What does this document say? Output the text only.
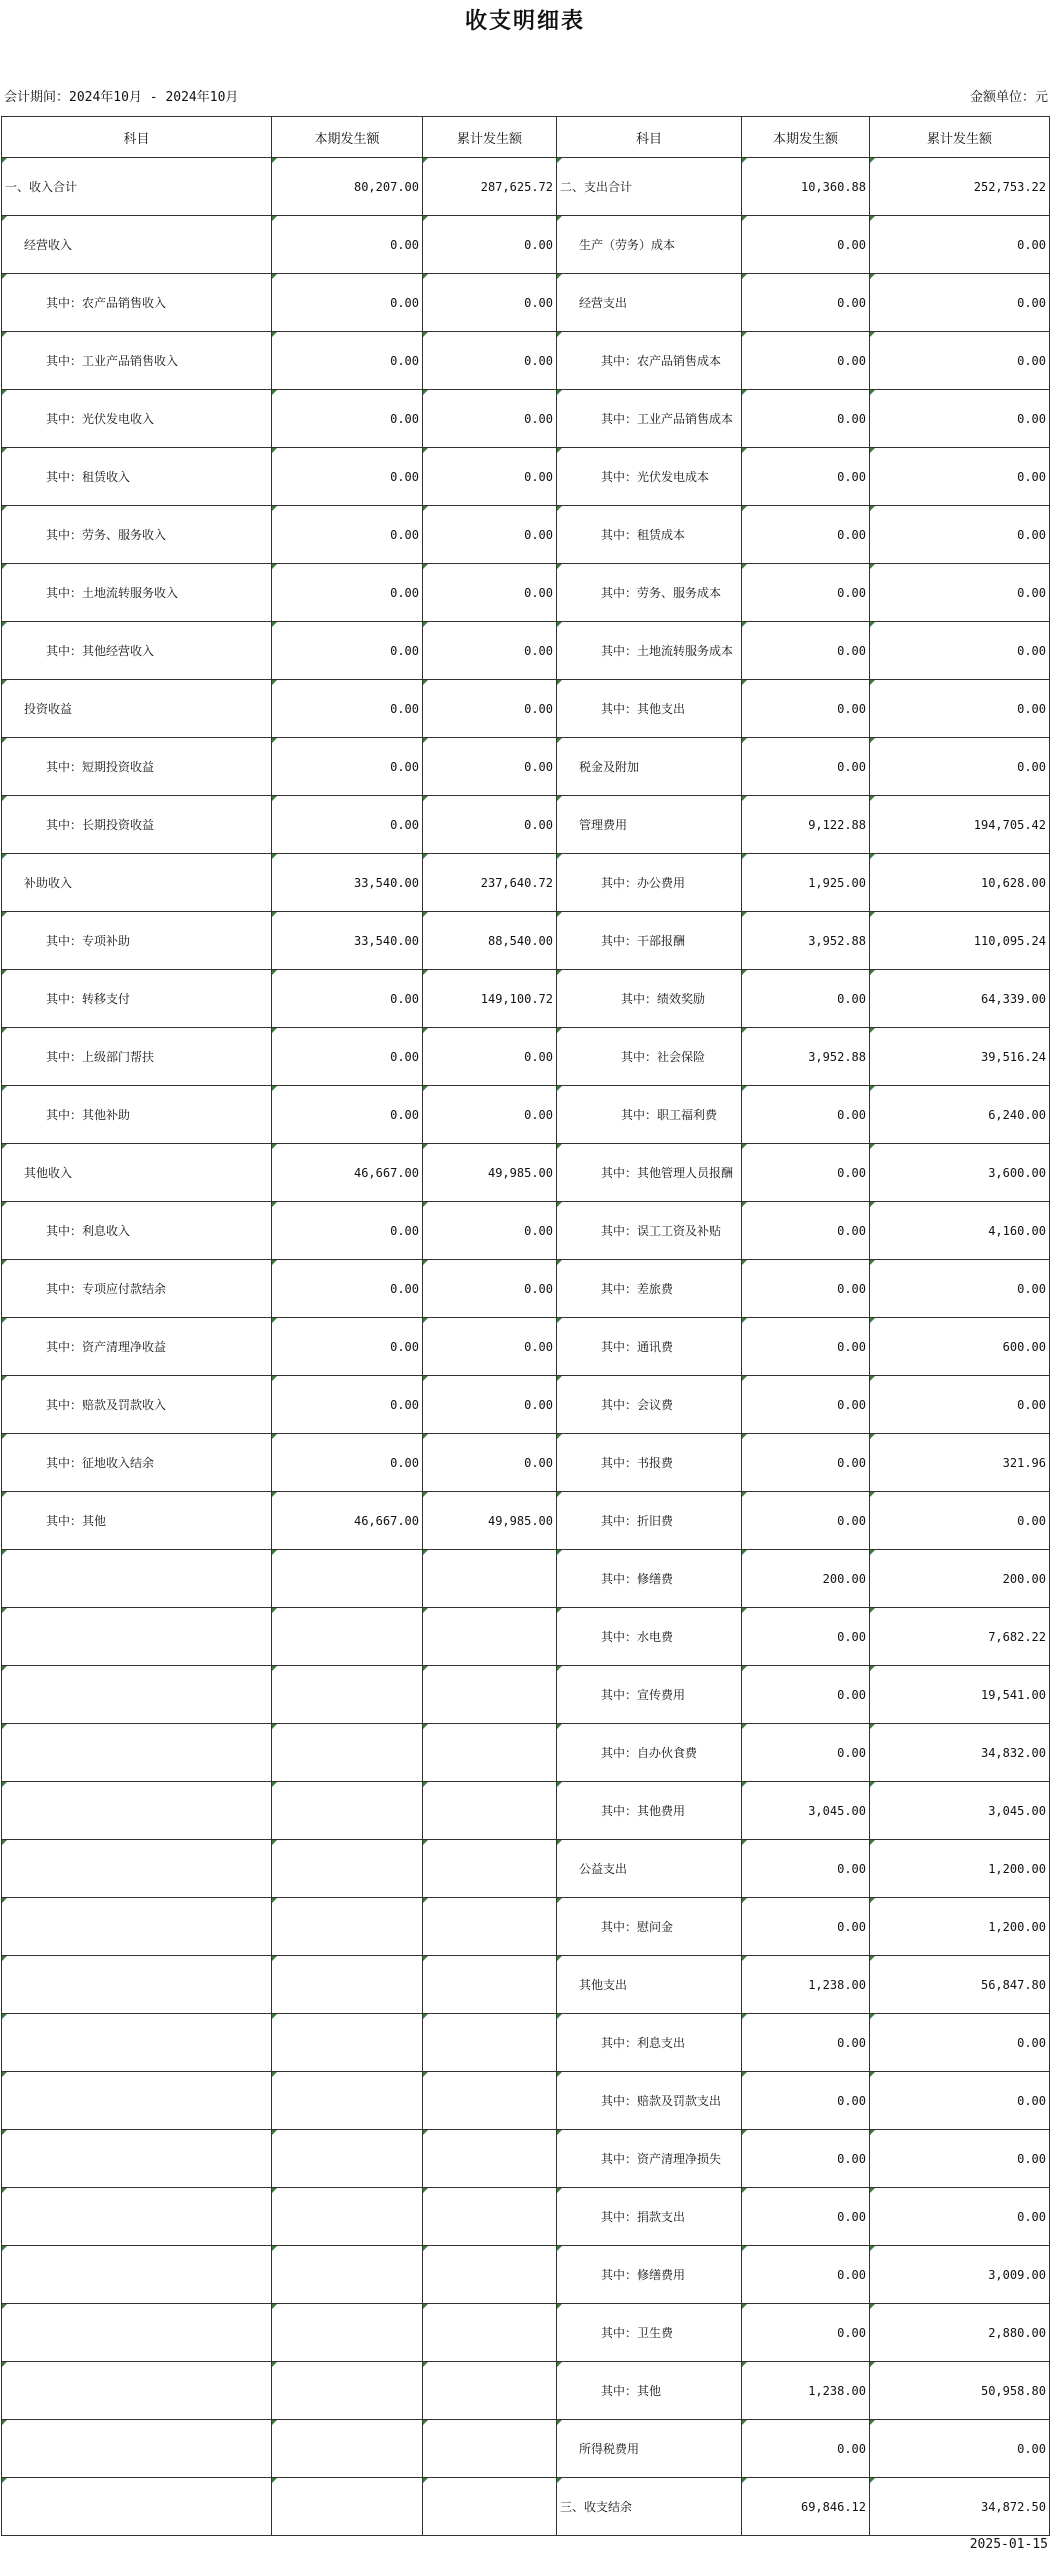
收支明细表
会计期间：2024年10月 - 2024年10月	金额单位：元
科目	本期发生额	累计发生额	科目	本期发生额	累计发生额
一、收入合计	80,207.00	287,625.72	二、支出合计	10,360.88	252,753.22
经营收入	0.00	0.00	生产（劳务）成本	0.00	0.00
其中：农产品销售收入	0.00	0.00	经营支出	0.00	0.00
其中：工业产品销售收入	0.00	0.00	其中：农产品销售成本	0.00	0.00
其中：光伏发电收入	0.00	0.00	其中：工业产品销售成本	0.00	0.00
其中：租赁收入	0.00	0.00	其中：光伏发电成本	0.00	0.00
其中：劳务、服务收入	0.00	0.00	其中：租赁成本	0.00	0.00
其中：土地流转服务收入	0.00	0.00	其中：劳务、服务成本	0.00	0.00
其中：其他经营收入	0.00	0.00	其中：土地流转服务成本	0.00	0.00
投资收益	0.00	0.00	其中：其他支出	0.00	0.00
其中：短期投资收益	0.00	0.00	税金及附加	0.00	0.00
其中：长期投资收益	0.00	0.00	管理费用	9,122.88	194,705.42
补助收入	33,540.00	237,640.72	其中：办公费用	1,925.00	10,628.00
其中：专项补助	33,540.00	88,540.00	其中：干部报酬	3,952.88	110,095.24
其中：转移支付	0.00	149,100.72	其中：绩效奖励	0.00	64,339.00
其中：上级部门帮扶	0.00	0.00	其中：社会保险	3,952.88	39,516.24
其中：其他补助	0.00	0.00	其中：职工福利费	0.00	6,240.00
其他收入	46,667.00	49,985.00	其中：其他管理人员报酬	0.00	3,600.00
其中：利息收入	0.00	0.00	其中：误工工资及补贴	0.00	4,160.00
其中：专项应付款结余	0.00	0.00	其中：差旅费	0.00	0.00
其中：资产清理净收益	0.00	0.00	其中：通讯费	0.00	600.00
其中：赔款及罚款收入	0.00	0.00	其中：会议费	0.00	0.00
其中：征地收入结余	0.00	0.00	其中：书报费	0.00	321.96
其中：其他	46,667.00	49,985.00	其中：折旧费	0.00	0.00
			其中：修缮费	200.00	200.00
			其中：水电费	0.00	7,682.22
			其中：宣传费用	0.00	19,541.00
			其中：自办伙食费	0.00	34,832.00
			其中：其他费用	3,045.00	3,045.00
			公益支出	0.00	1,200.00
			其中：慰问金	0.00	1,200.00
			其他支出	1,238.00	56,847.80
			其中：利息支出	0.00	0.00
			其中：赔款及罚款支出	0.00	0.00
			其中：资产清理净损失	0.00	0.00
			其中：捐款支出	0.00	0.00
			其中：修缮费用	0.00	3,009.00
			其中：卫生费	0.00	2,880.00
			其中：其他	1,238.00	50,958.80
			所得税费用	0.00	0.00
			三、收支结余	69,846.12	34,872.50
2025-01-15
